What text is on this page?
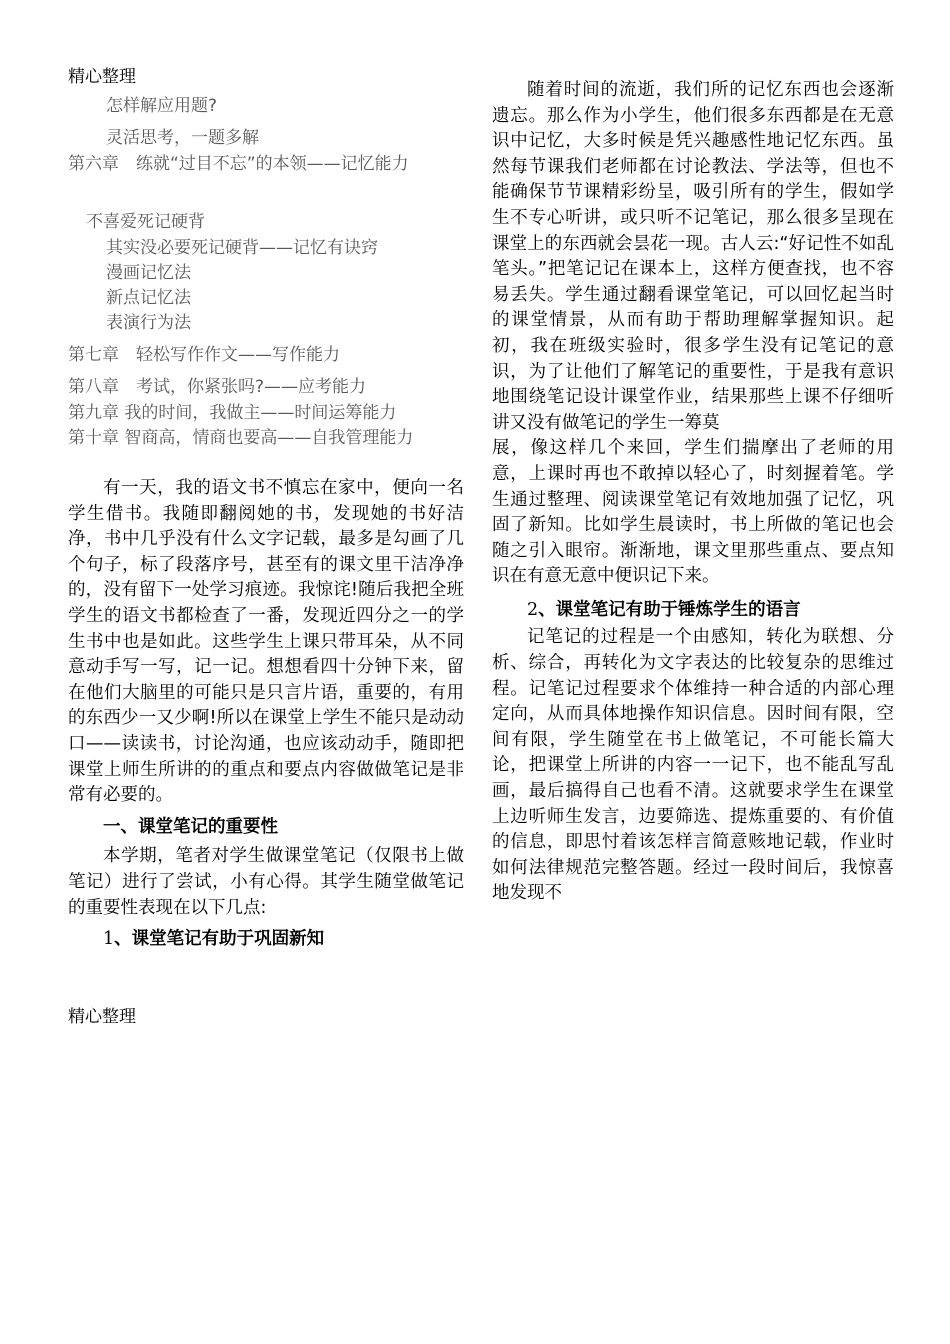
精心整理
怎样解应用题?
灵活思考，一题多解
第六章　练就“过目不忘”的本领——记忆能力
不喜爱死记硬背
其实没必要死记硬背——记忆有诀窍
漫画记忆法
新点记忆法
表演行为法
第七章　轻松写作作文——写作能力
第八章　考试，你紧张吗?——应考能力
第九章 我的时间，我做主——时间运筹能力
第十章 智商高，情商也要高——自我管理能力

有一天，我的语文书不慎忘在家中，便向一名学生借书。我随即翻阅她的书，发现她的书好洁净，书中几乎没有什么文字记载，最多是勾画了几个句子，标了段落序号，甚至有的课文里干洁净净的，没有留下一处学习痕迹。我惊诧!随后我把全班学生的语文书都检查了一番，发现近四分之一的学生书中也是如此。这些学生上课只带耳朵，从不同意动手写一写，记一记。想想看四十分钟下来，留在他们大脑里的可能只是只言片语，重要的，有用的东西少一又少啊!所以在课堂上学生不能只是动动口——读读书，讨论沟通，也应该动动手，随即把课堂上师生所讲的的重点和要点内容做做笔记是非常有必要的。

一、课堂笔记的重要性

本学期，笔者对学生做课堂笔记（仅限书上做笔记）进行了尝试，小有心得。其学生随堂做笔记的重要性表现在以下几点:

1、课堂笔记有助于巩固新知

随着时间的流逝，我们所的记忆东西也会逐渐遗忘。那么作为小学生，他们很多东西都是在无意识中记忆，大多时候是凭兴趣感性地记忆东西。虽然每节课我们老师都在讨论教法、学法等，但也不能确保节节课精彩纷呈，吸引所有的学生，假如学生不专心听讲，或只听不记笔记，那么很多呈现在课堂上的东西就会昙花一现。古人云:“好记性不如乱笔头。”把笔记记在课本上，这样方便查找，也不容易丢失。学生通过翻看课堂笔记，可以回忆起当时的课堂情景，从而有助于帮助理解掌握知识。起初，我在班级实验时，很多学生没有记笔记的意识，为了让他们了解笔记的重要性，于是我有意识地围绕笔记设计课堂作业，结果那些上课不仔细听讲又没有做笔记的学生一筹莫

展，像这样几个来回，学生们揣摩出了老师的用意，上课时再也不敢掉以轻心了，时刻握着笔。学生通过整理、阅读课堂笔记有效地加强了记忆，巩固了新知。比如学生晨读时，书上所做的笔记也会随之引入眼帘。渐渐地，课文里那些重点、要点知识在有意无意中便识记下来。

2、课堂笔记有助于锤炼学生的语言

记笔记的过程是一个由感知，转化为联想、分析、综合，再转化为文字表达的比较复杂的思维过程。记笔记过程要求个体维持一种合适的内部心理定向，从而具体地操作知识信息。因时间有限，空间有限，学生随堂在书上做笔记，不可能长篇大论，把课堂上所讲的内容一一记下，也不能乱写乱画，最后搞得自己也看不清。这就要求学生在课堂上边听师生发言，边要筛选、提炼重要的、有价值的信息，即思忖着该怎样言简意赅地记载，作业时如何法律规范完整答题。经过一段时间后，我惊喜地发现不

精心整理
